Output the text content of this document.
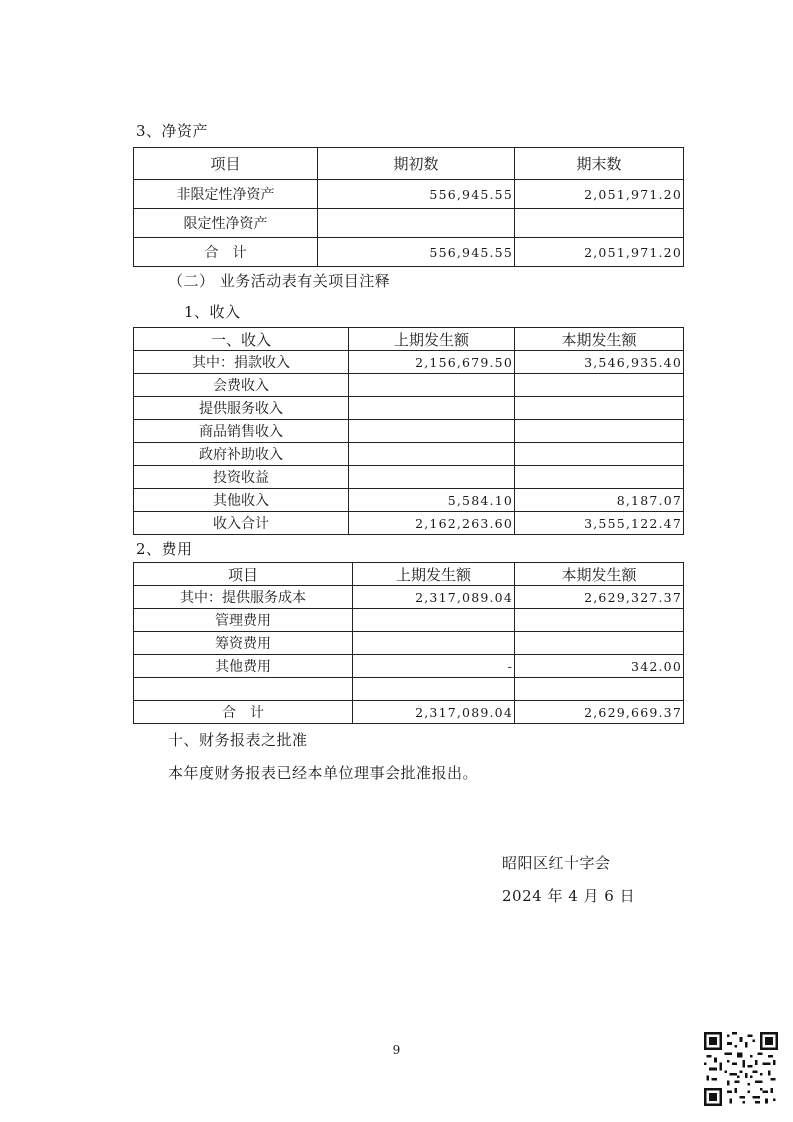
3、净资产
项目	期初数	期末数
非限定性净资产	556,945.55	2,051,971.20
限定性净资产		
合　计	556,945.55	2,051,971.20
（二） 业务活动表有关项目注释
1、收入
一、收入	上期发生额	本期发生额
其中：捐款收入	2,156,679.50	3,546,935.40
会费收入		
提供服务收入		
商品销售收入		
政府补助收入		
投资收益		
其他收入	5,584.10	8,187.07
收入合计	2,162,263.60	3,555,122.47
2、费用
项目	上期发生额	本期发生额
其中：提供服务成本	2,317,089.04	2,629,327.37
管理费用		
筹资费用		
其他费用	-	342.00

合　计	2,317,089.04	2,629,669.37
十、财务报表之批准
本年度财务报表已经本单位理事会批准报出。
昭阳区红十字会
2024 年 4 月 6 日
9
